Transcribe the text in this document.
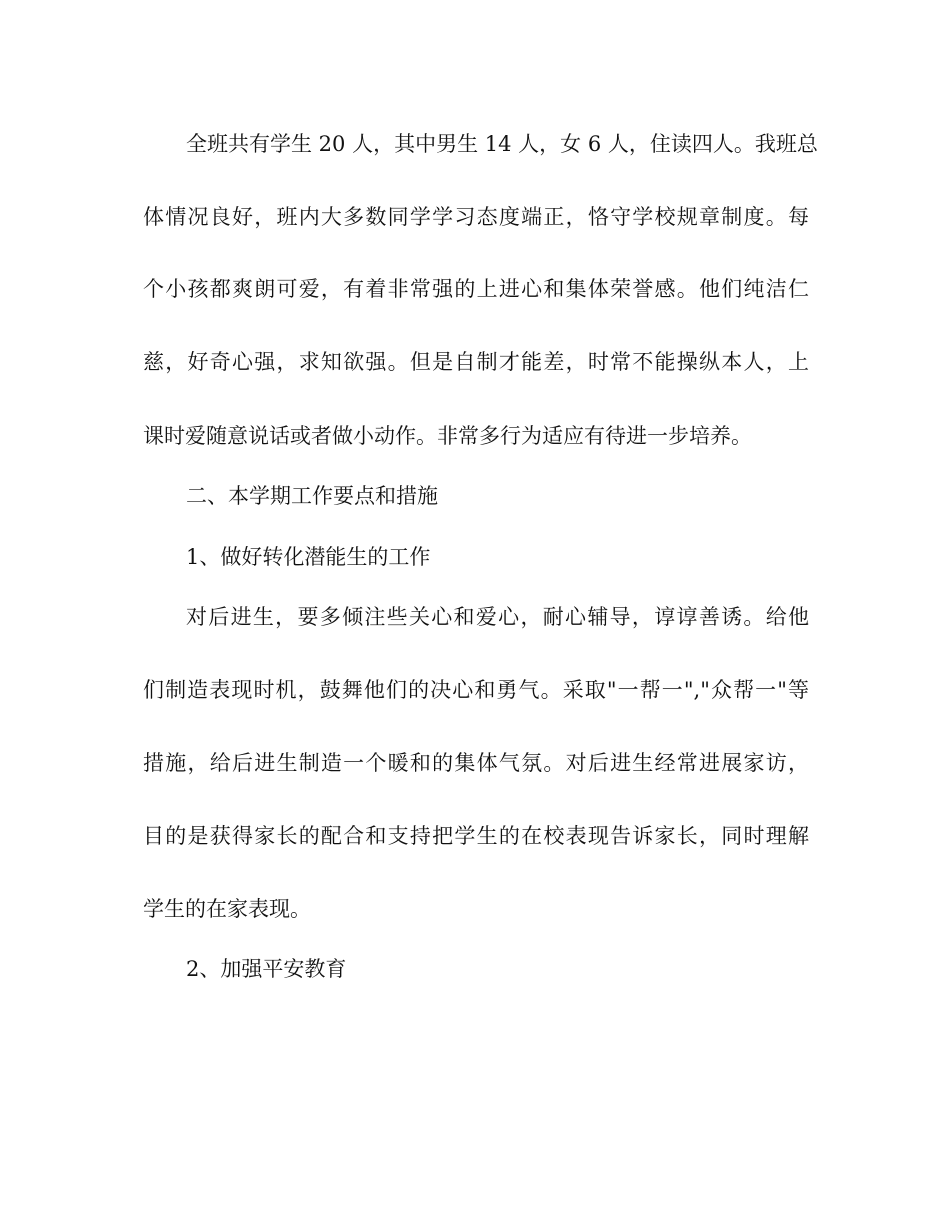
全班共有学生 20 人，其中男生 14 人，女 6 人，住读四人。我班总
体情况良好，班内大多数同学学习态度端正，恪守学校规章制度。每
个小孩都爽朗可爱，有着非常强的上进心和集体荣誉感。他们纯洁仁
慈，好奇心强，求知欲强。但是自制才能差，时常不能操纵本人，上
课时爱随意说话或者做小动作。非常多行为适应有待进一步培养。
二、本学期工作要点和措施
1、做好转化潜能生的工作
对后进生，要多倾注些关心和爱心，耐心辅导，谆谆善诱。给他
们制造表现时机，鼓舞他们的决心和勇气。采取"一帮一","众帮一"等
措施，给后进生制造一个暖和的集体气氛。对后进生经常进展家访，
目的是获得家长的配合和支持把学生的在校表现告诉家长，同时理解
学生的在家表现。
2、加强平安教育
